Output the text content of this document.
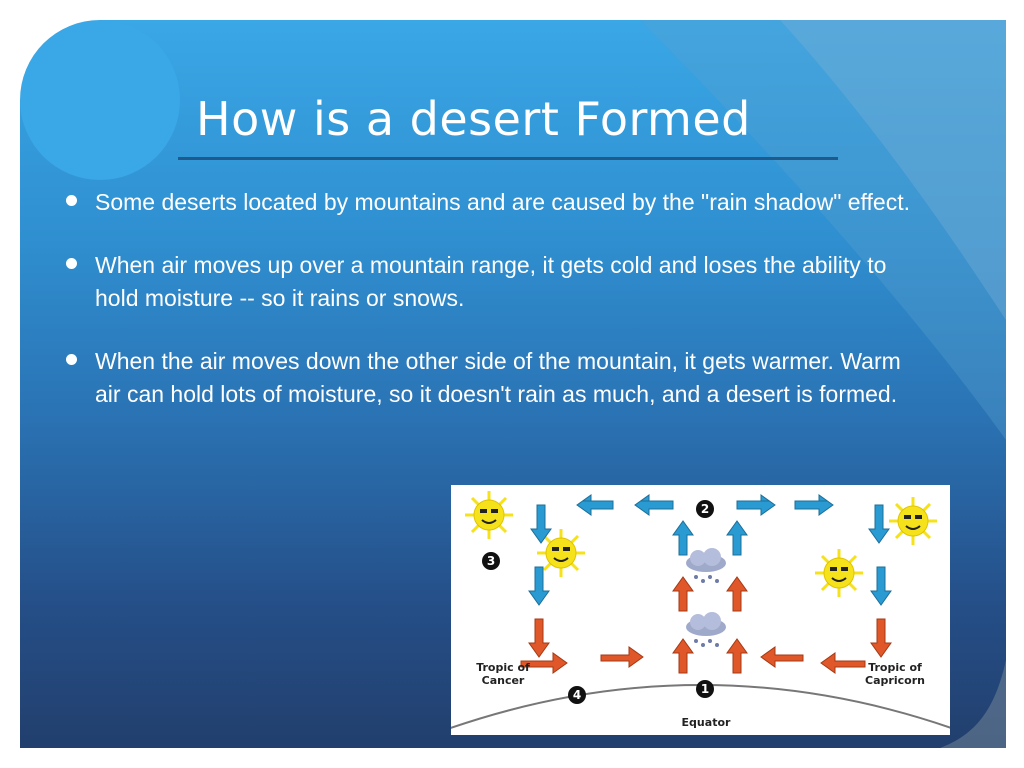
How is a desert Formed
Some deserts located by mountains and are caused by the "rain shadow" effect.
When air moves up over a mountain range, it gets cold and loses the ability to hold moisture -- so it rains or snows.
When the air moves down the other side of the mountain, it gets warmer. Warm air can hold lots of moisture, so it doesn't rain as much, and a desert is formed.
2
3
1
4
Tropic of
Cancer
Tropic of
Capricorn
Equator
